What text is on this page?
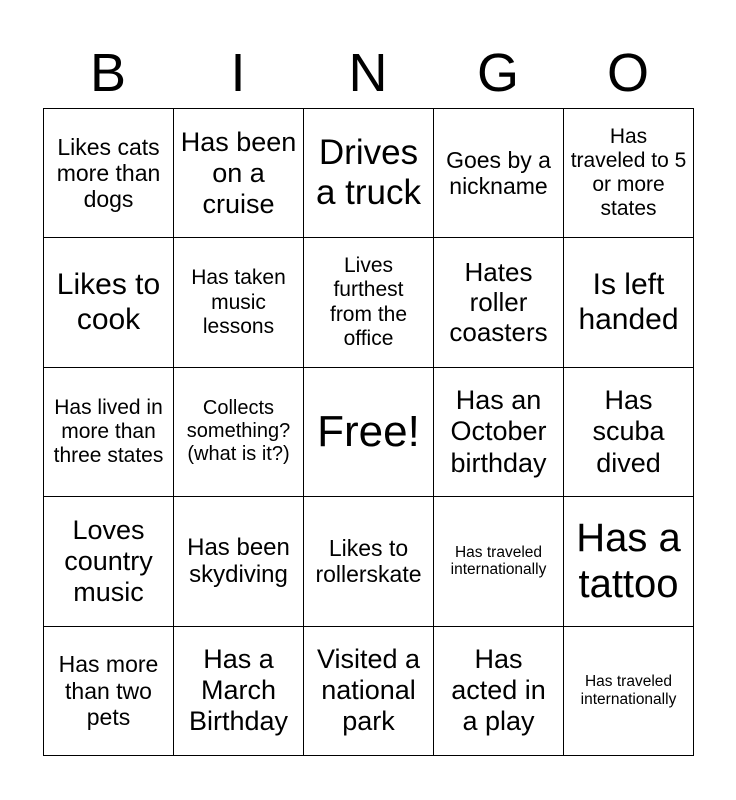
B	I	N	G	O
Likes cats more than dogs	Has been on a cruise	Drives a truck	Goes by a nickname	Has traveled to 5 or more states
Likes to cook	Has taken music lessons	Lives furthest from the office	Hates roller coasters	Is left handed
Has lived in more than three states	Collects something? (what is it?)	Free!	Has an October birthday	Has scuba dived
Loves country music	Has been skydiving	Likes to rollerskate	Has traveled internationally	Has a tattoo
Has more than two pets	Has a March Birthday	Visited a national park	Has acted in a play	Has traveled internationally
